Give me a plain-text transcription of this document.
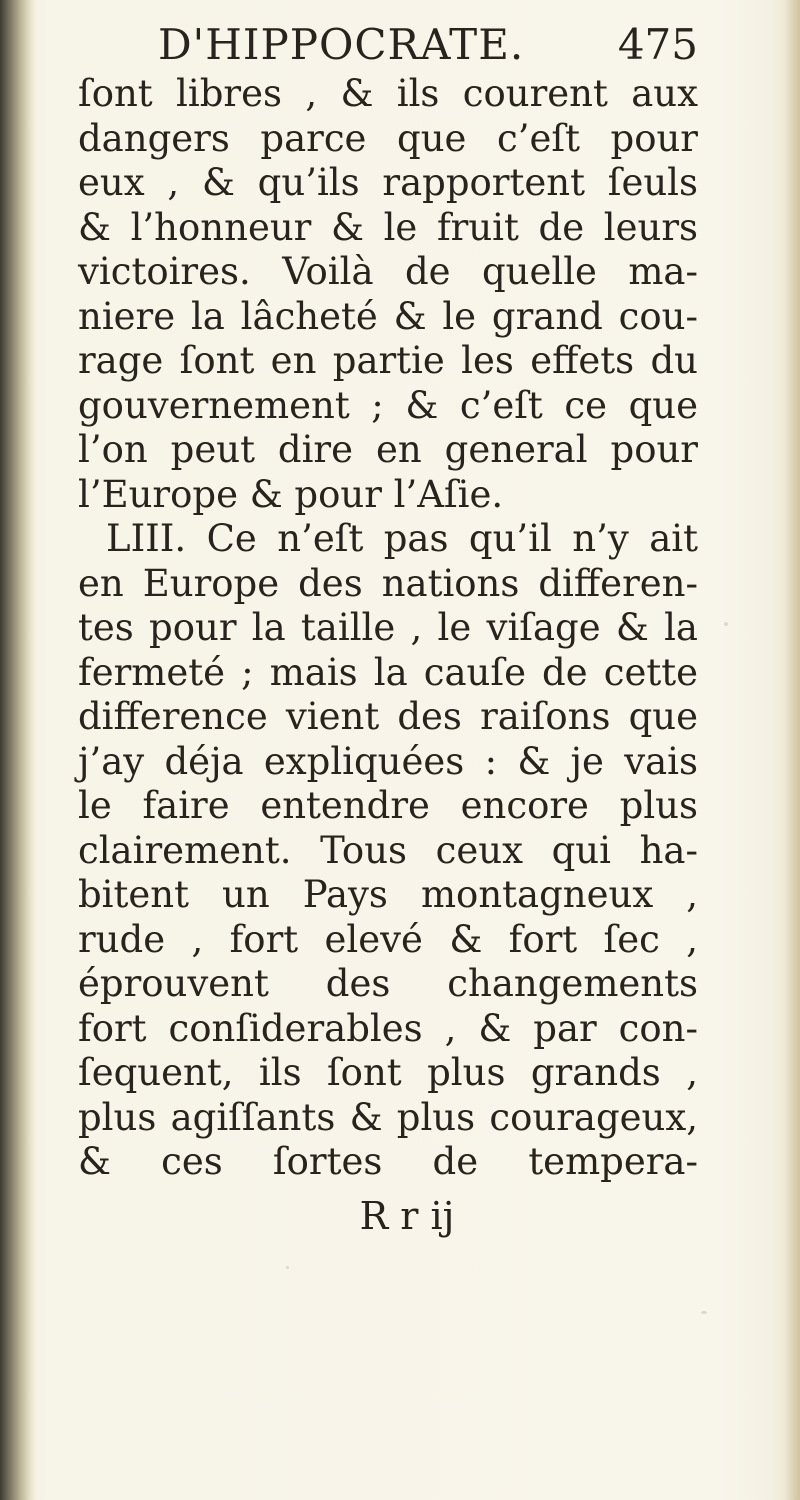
D'HIPPOCRATE. 475
ſont libres , & ils courent aux
dangers parce que c’eſt pour
eux , & qu’ils rapportent ſeuls
& l’honneur & le fruit de leurs
victoires. Voilà de quelle ma-
niere la lâcheté & le grand cou-
rage ſont en partie les effets du
gouvernement ; & c’eſt ce que
l’on peut dire en general pour
l’Europe & pour l’Aſie.
LIII. Ce n’eſt pas qu’il n’y ait
en Europe des nations differen-
tes pour la taille , le viſage & la
fermeté ; mais la cauſe de cette
difference vient des raiſons que
j’ay déja expliquées : & je vais
le faire entendre encore plus
clairement. Tous ceux qui ha-
bitent un Pays montagneux ,
rude , fort elevé & fort ſec ,
éprouvent des changements
fort conſiderables , & par con-
ſequent, ils ſont plus grands ,
plus agiſſants & plus courageux,
& ces ſortes de tempera-
R r ij
